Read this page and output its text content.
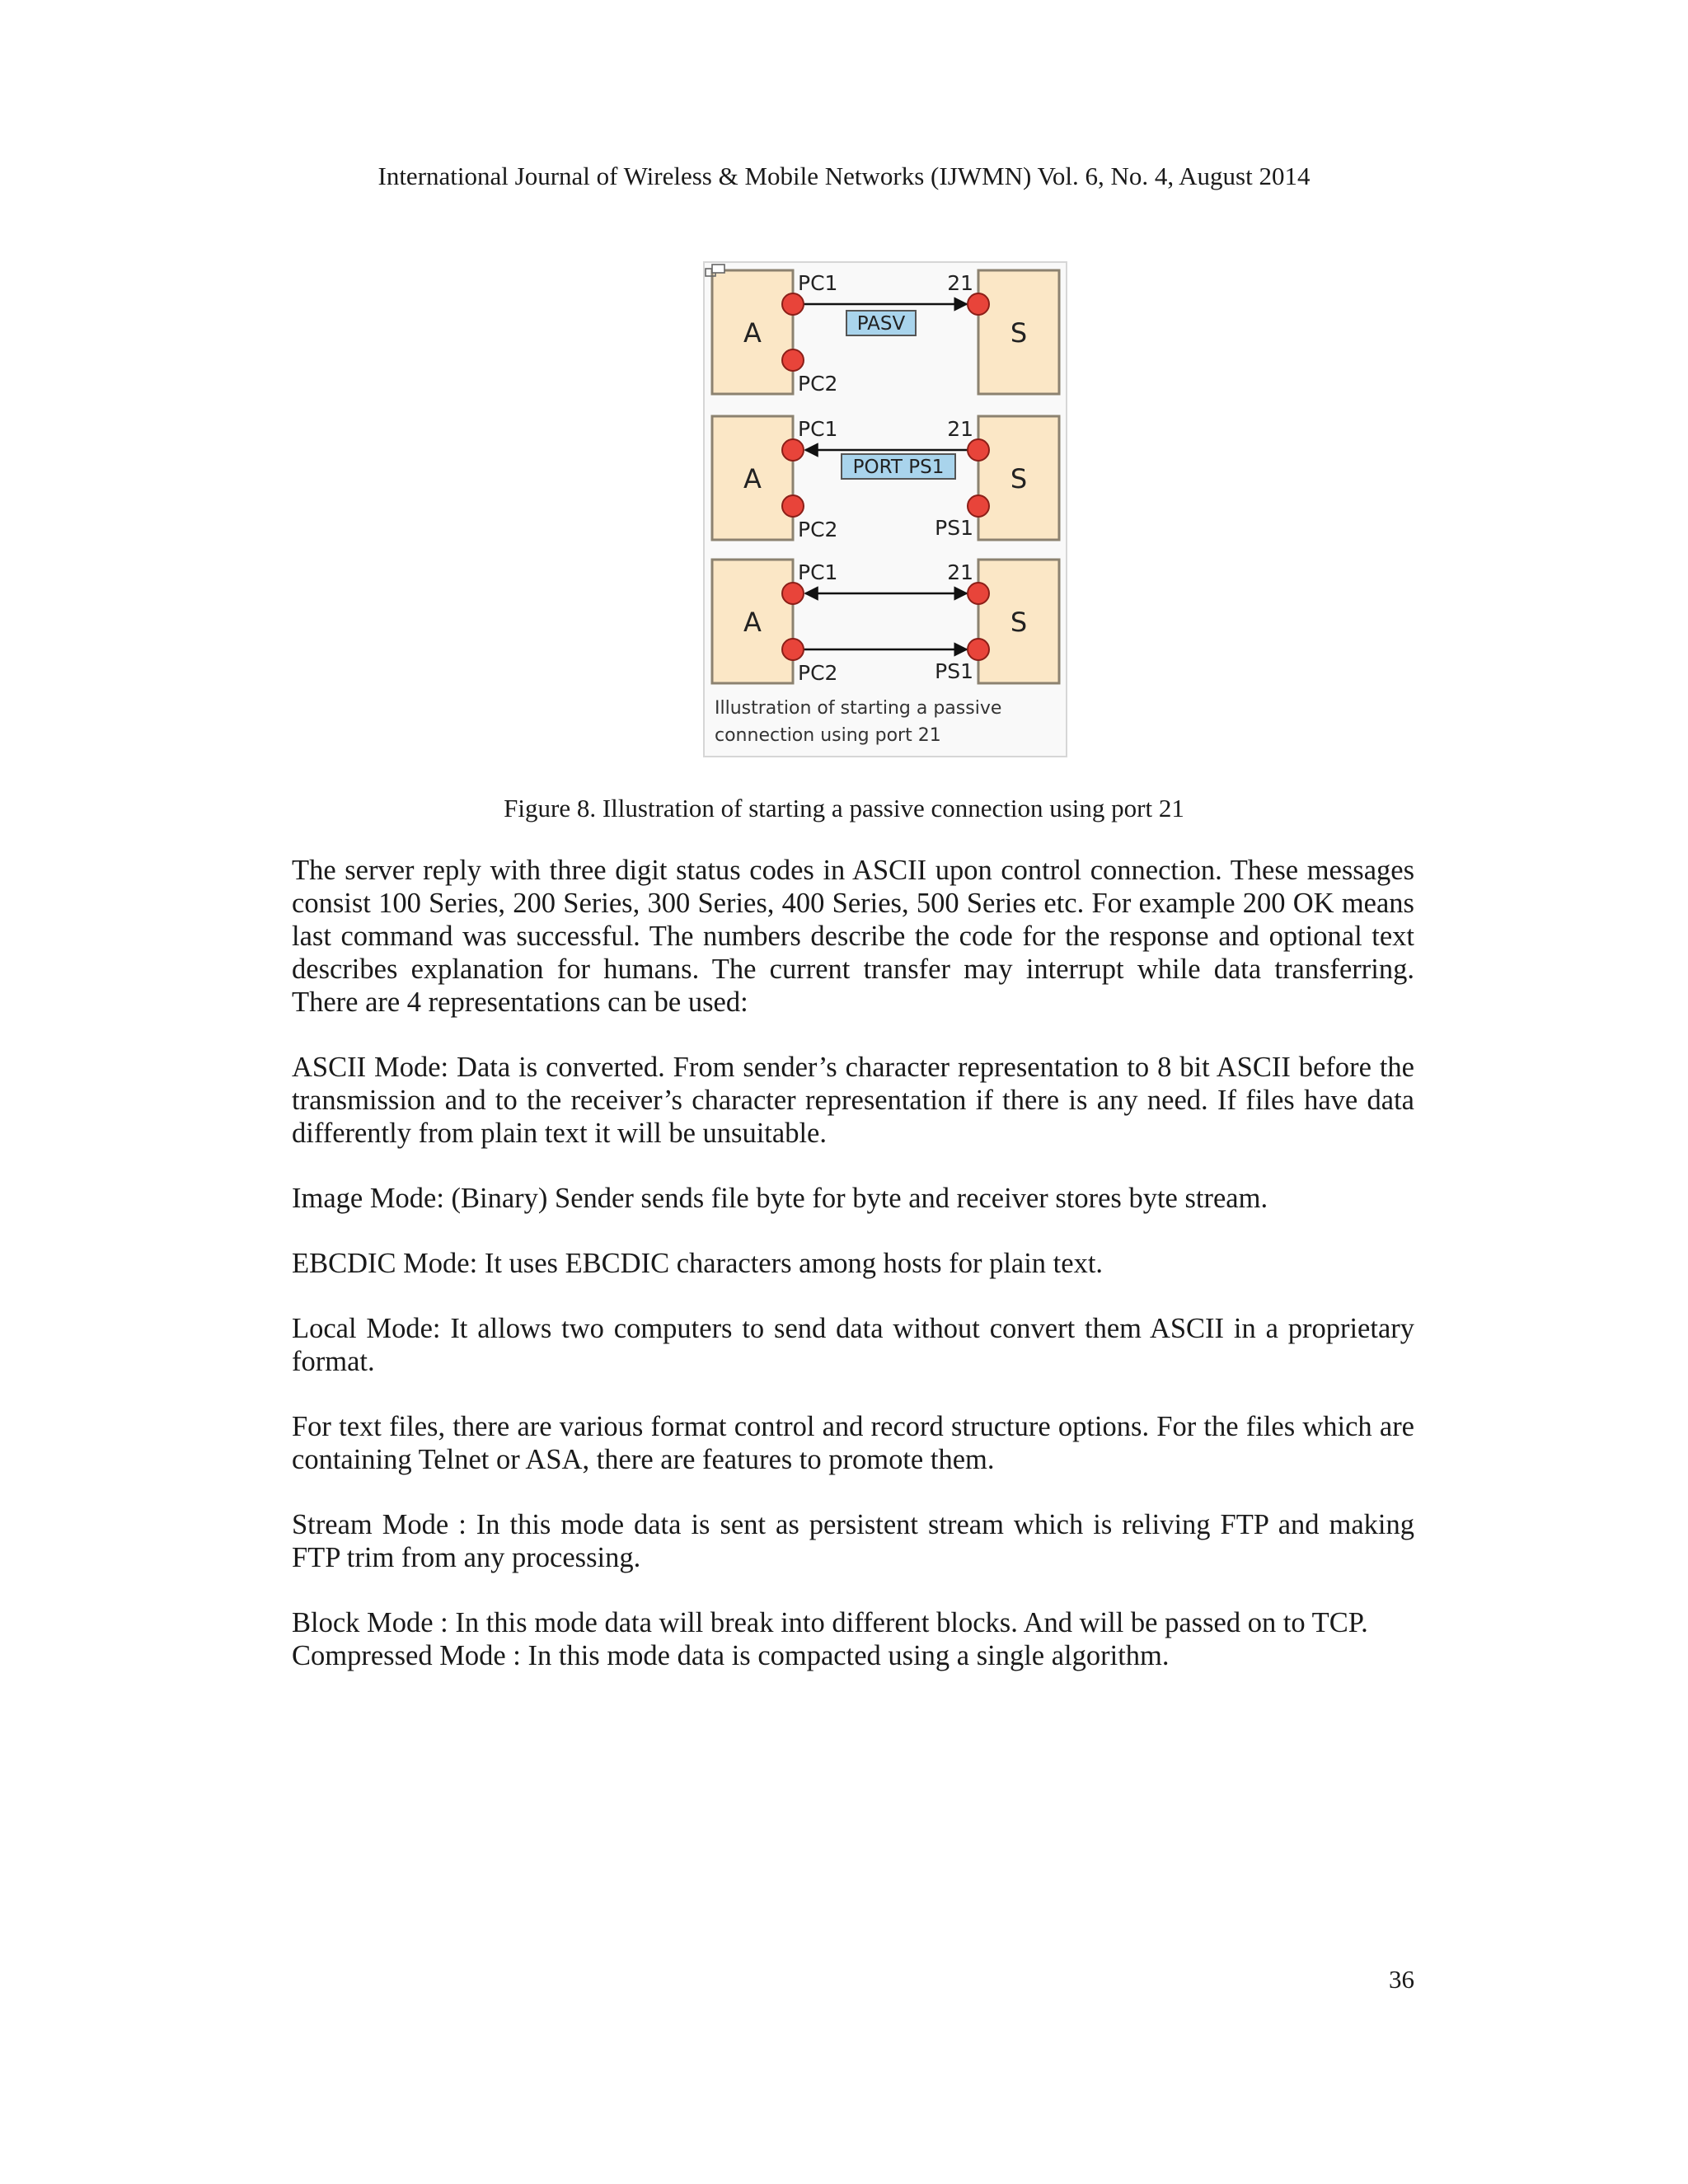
International Journal of Wireless & Mobile Networks (IJWMN) Vol. 6, No. 4, August 2014
A	S
PC1	21
PC2
PASV
A	S
PC1	21
PC2	PS1
PORT PS1
A	S
PC1	21
PC2	PS1
Illustration of starting a passive
connection using port 21
Figure 8. Illustration of starting a passive connection using port 21

The server reply with three digit status codes in ASCII upon control connection. These messages consist 100 Series, 200 Series, 300 Series, 400 Series, 500 Series etc. For example 200 OK means last command was successful. The numbers describe the code for the response and optional text describes explanation for humans. The current transfer may interrupt while data transferring. There are 4 representations can be used:

ASCII Mode: Data is converted. From sender’s character representation to 8 bit ASCII before the transmission and to the receiver’s character representation if there is any need. If files have data differently from plain text it will be unsuitable.

Image Mode: (Binary) Sender sends file byte for byte and receiver stores byte stream.

EBCDIC Mode: It uses EBCDIC characters among hosts for plain text.

Local Mode: It allows two computers to send data without convert them ASCII in a proprietary format.

For text files, there are various format control and record structure options. For the files which are containing Telnet or ASA, there are features to promote them.

Stream Mode : In this mode data is sent as persistent stream which is reliving FTP and making FTP trim from any processing.

Block Mode : In this mode data will break into different blocks. And will be passed on to TCP.

Compressed Mode : In this mode data is compacted using a single algorithm.

36
